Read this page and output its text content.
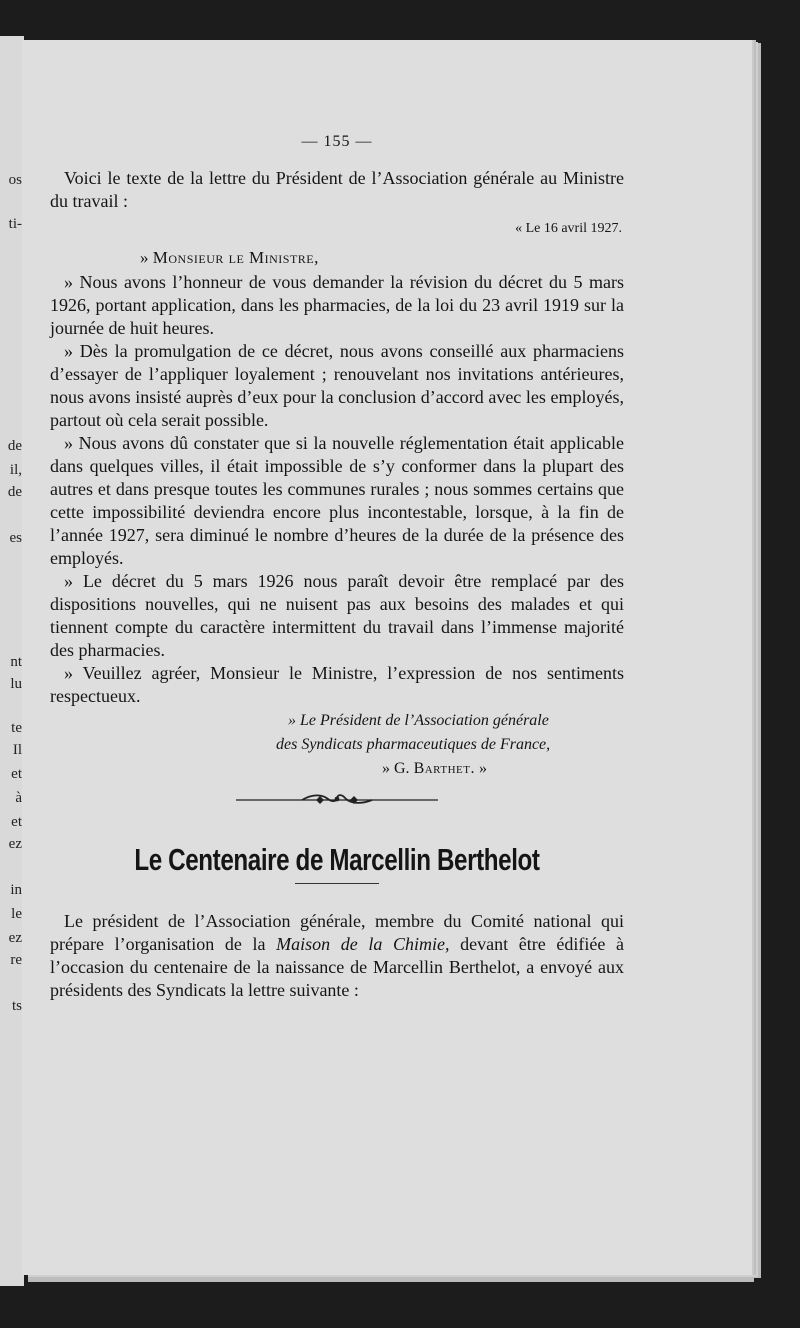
os
ti-
de
il,
de
es
nt
lu
te
Il
et
à
et
ez
in
le
ez
re
ts
— 155 —

Voici le texte de la lettre du Président de l’Association générale au Ministre du travail :

« Le 16 avril 1927.
» Monsieur le Ministre,

» Nous avons l’honneur de vous demander la révision du décret du 5 mars 1926, portant application, dans les pharmacies, de la loi du 23 avril 1919 sur la journée de huit heures.

» Dès la promulgation de ce décret, nous avons conseillé aux pharmaciens d’essayer de l’appliquer loyalement ; renouvelant nos invitations antérieures, nous avons insisté auprès d’eux pour la conclusion d’accord avec les employés, partout où cela serait possible.

» Nous avons dû constater que si la nouvelle réglementation était applicable dans quelques villes, il était impossible de s’y conformer dans la plupart des autres et dans presque toutes les communes rurales ; nous sommes certains que cette impossibilité deviendra encore plus incontestable, lorsque, à la fin de l’année 1927, sera diminué le nombre d’heures de la durée de la présence des employés.

» Le décret du 5 mars 1926 nous paraît devoir être remplacé par des dispositions nouvelles, qui ne nuisent pas aux besoins des malades et qui tiennent compte du caractère intermittent du travail dans l’immense majorité des pharmacies.

» Veuillez agréer, Monsieur le Ministre, l’expression de nos sentiments respectueux.

» Le Président de l’Association générale
des Syndicats pharmaceutiques de France,
» G. Barthet. »
Le Centenaire de Marcellin Berthelot

Le président de l’Association générale, membre du Comité national qui prépare l’organisation de la Maison de la Chimie, devant être édifiée à l’occasion du centenaire de la naissance de Marcellin Berthelot, a envoyé aux présidents des Syndicats la lettre suivante :
